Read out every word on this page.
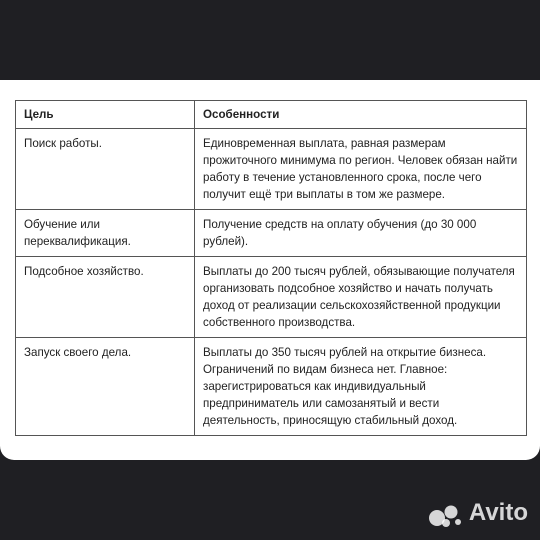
Цель	Особенности
Поиск работы.	Единовременная выплата, равная размерам прожиточного минимума по регион. Человек обязан найти работу в течение установленного срока, после чего получит ещё три выплаты в том же размере.
Обучение или переквалификация.	Получение средств на оплату обучения (до 30 000 рублей).
Подсобное хозяйство.	Выплаты до 200 тысяч рублей, обязывающие получателя организовать подсобное хозяйство и начать получать доход от реализации сельскохозяйственной продукции собственного производства.
Запуск своего дела.	Выплаты до 350 тысяч рублей на открытие бизнеса. Ограничений по видам бизнеса нет. Главное: зарегистрироваться как индивидуальный предприниматель или самозанятый и вести деятельность, приносящую стабильный доход.
Avito
